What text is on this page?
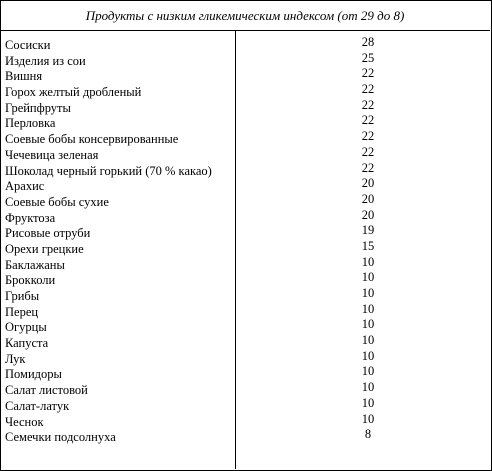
Продукты с низким гликемическим индексом (от 29 до 8)
Сосиски
Изделия из сои
Вишня
Горох желтый дробленый
Грейпфруты
Перловка
Соевые бобы консервированные
Чечевица зеленая
Шоколад черный горький (70 % какао)
Арахис
Соевые бобы сухие
Фруктоза
Рисовые отруби
Орехи грецкие
Баклажаны
Брокколи
Грибы
Перец
Огурцы
Капуста
Лук
Помидоры
Салат листовой
Салат-латук
Чеснок
Семечки подсолнуха
28
25
22
22
22
22
22
22
22
20
20
20
19
15
10
10
10
10
10
10
10
10
10
10
10
8
